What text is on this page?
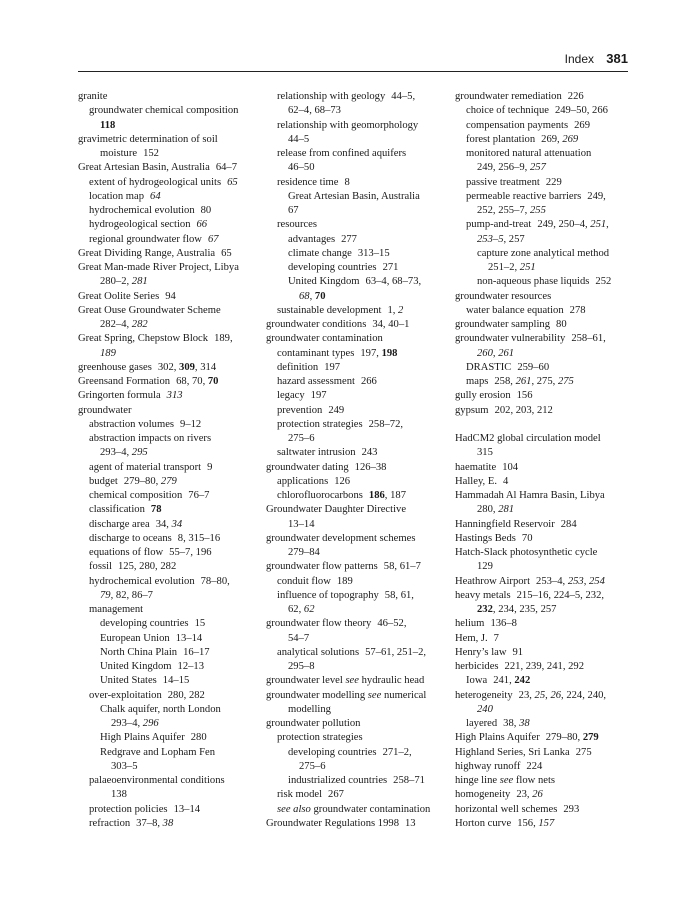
Index 381
granite
groundwater chemical composition
118
gravimetric determination of soil
moisture 152
Great Artesian Basin, Australia 64–7
extent of hydrogeological units 65
location map 64
hydrochemical evolution 80
hydrogeological section 66
regional groundwater flow 67
Great Dividing Range, Australia 65
Great Man-made River Project, Libya
280–2, 281
Great Oolite Series 94
Great Ouse Groundwater Scheme
282–4, 282
Great Spring, Chepstow Block 189,
189
greenhouse gases 302, 309, 314
Greensand Formation 68, 70, 70
Gringorten formula 313
groundwater
abstraction volumes 9–12
abstraction impacts on rivers
293–4, 295
agent of material transport 9
budget 279–80, 279
chemical composition 76–7
classification 78
discharge area 34, 34
discharge to oceans 8, 315–16
equations of flow 55–7, 196
fossil 125, 280, 282
hydrochemical evolution 78–80,
79, 82, 86–7
management
developing countries 15
European Union 13–14
North China Plain 16–17
United Kingdom 12–13
United States 14–15
over-exploitation 280, 282
Chalk aquifer, north London
293–4, 296
High Plains Aquifer 280
Redgrave and Lopham Fen
303–5
palaeoenvironmental conditions
138
protection policies 13–14
refraction 37–8, 38
relationship with geology 44–5,
62–4, 68–73
relationship with geomorphology
44–5
release from confined aquifers
46–50
residence time 8
Great Artesian Basin, Australia
67
resources
advantages 277
climate change 313–15
developing countries 271
United Kingdom 63–4, 68–73,
68, 70
sustainable development 1, 2
groundwater conditions 34, 40–1
groundwater contamination
contaminant types 197, 198
definition 197
hazard assessment 266
legacy 197
prevention 249
protection strategies 258–72,
275–6
saltwater intrusion 243
groundwater dating 126–38
applications 126
chlorofluorocarbons 186, 187
Groundwater Daughter Directive
13–14
groundwater development schemes
279–84
groundwater flow patterns 58, 61–7
conduit flow 189
influence of topography 58, 61,
62, 62
groundwater flow theory 46–52,
54–7
analytical solutions 57–61, 251–2,
295–8
groundwater level see hydraulic head
groundwater modelling see numerical
modelling
groundwater pollution
protection strategies
developing countries 271–2,
275–6
industrialized countries 258–71
risk model 267
see also groundwater contamination
Groundwater Regulations 1998 13
groundwater remediation 226
choice of technique 249–50, 266
compensation payments 269
forest plantation 269, 269
monitored natural attenuation
249, 256–9, 257
passive treatment 229
permeable reactive barriers 249,
252, 255–7, 255
pump-and-treat 249, 250–4, 251,
253–5, 257
capture zone analytical method
251–2, 251
non-aqueous phase liquids 252
groundwater resources
water balance equation 278
groundwater sampling 80
groundwater vulnerability 258–61,
260, 261
DRASTIC 259–60
maps 258, 261, 275, 275
gully erosion 156
gypsum 202, 203, 212
HadCM2 global circulation model
315
haematite 104
Halley, E. 4
Hammadah Al Hamra Basin, Libya
280, 281
Hanningfield Reservoir 284
Hastings Beds 70
Hatch-Slack photosynthetic cycle
129
Heathrow Airport 253–4, 253, 254
heavy metals 215–16, 224–5, 232,
232, 234, 235, 257
helium 136–8
Hem, J. 7
Henry’s law 91
herbicides 221, 239, 241, 292
Iowa 241, 242
heterogeneity 23, 25, 26, 224, 240,
240
layered 38, 38
High Plains Aquifer 279–80, 279
Highland Series, Sri Lanka 275
highway runoff 224
hinge line see flow nets
homogeneity 23, 26
horizontal well schemes 293
Horton curve 156, 157
